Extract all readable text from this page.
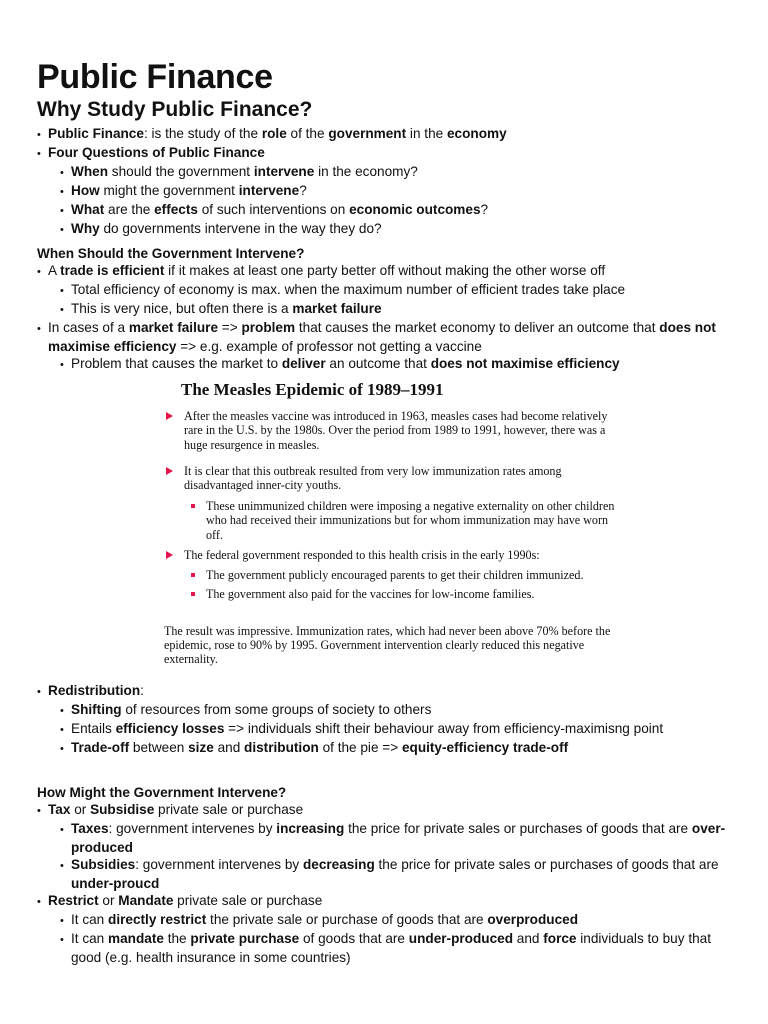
Public Finance
Why Study Public Finance?

• Public Finance: is the study of the role of the government in the economy

• Four Questions of Public Finance

• When should the government intervene in the economy?

• How might the government intervene?

• What are the effects of such interventions on economic outcomes?

• Why do governments intervene in the way they do?

When Should the Government Intervene?

• A trade is efficient if it makes at least one party better off without making the other worse off

• Total efficiency of economy is max. when the maximum number of efficient trades take place

• This is very nice, but often there is a market failure

• In cases of a market failure => problem that causes the market economy to deliver an outcome that does not maximise efficiency => e.g. example of professor not getting a vaccine

• Problem that causes the market to deliver an outcome that does not maximise efficiency

The Measles Epidemic of 1989–1991

After the measles vaccine was introduced in 1963, measles cases had become relatively rare in the U.S. by the 1980s. Over the period from 1989 to 1991, however, there was a huge resurgence in measles.
It is clear that this outbreak resulted from very low immunization rates among disadvantaged inner-city youths.
These unimmunized children were imposing a negative externality on other children who had received their immunizations but for whom immunization may have worn off.
The federal government responded to this health crisis in the early 1990s:
The government publicly encouraged parents to get their children immunized.
The government also paid for the vaccines for low-income families.
The result was impressive. Immunization rates, which had never been above 70% before the epidemic, rose to 90% by 1995. Government intervention clearly reduced this negative externality.

• Redistribution:

• Shifting of resources from some groups of society to others

• Entails efficiency losses => individuals shift their behaviour away from efficiency-maximisng point

• Trade-off between size and distribution of the pie => equity-efficiency trade-off

How Might the Government Intervene?

• Tax or Subsidise private sale or purchase

• Taxes: government intervenes by increasing the price for private sales or purchases of goods that are over-produced

• Subsidies: government intervenes by decreasing the price for private sales or purchases of goods that are under-proucd

• Restrict or Mandate private sale or purchase

• It can directly restrict the private sale or purchase of goods that are overproduced

• It can mandate the private purchase of goods that are under-produced and force individuals to buy that good (e.g. health insurance in some countries)
